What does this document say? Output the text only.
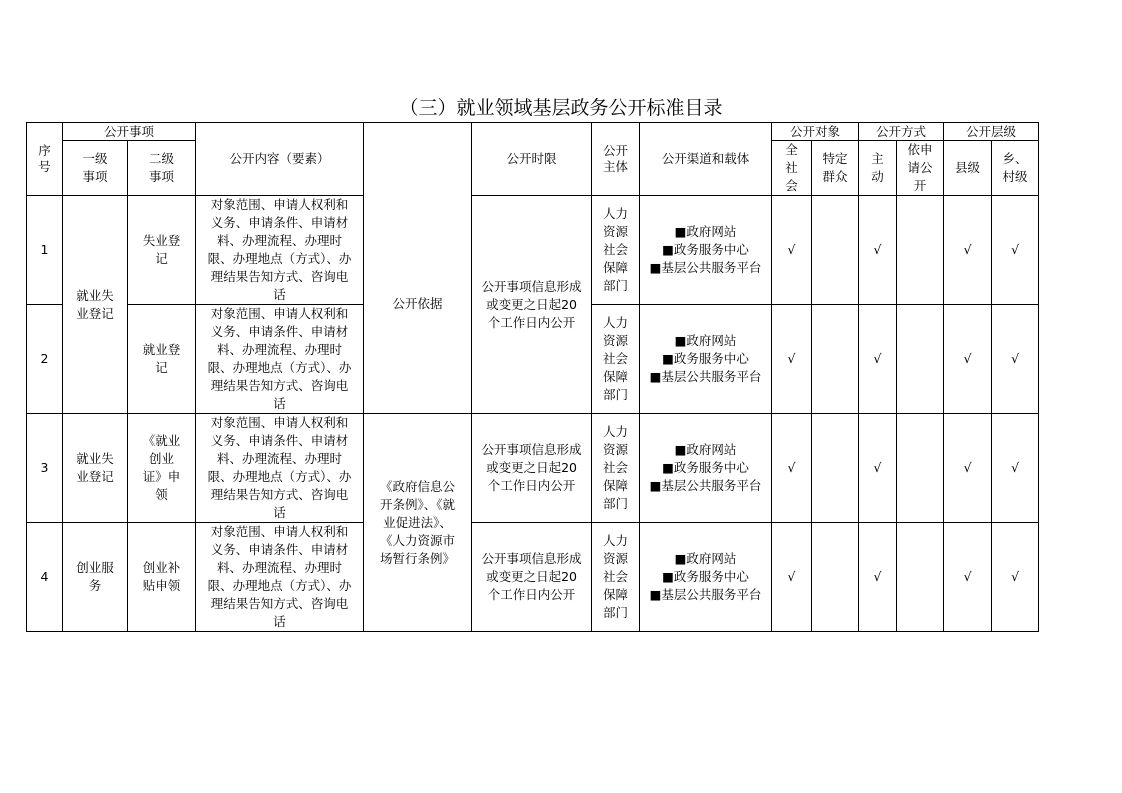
（三）就业领域基层政务公开标准目录
序号	公开事项		公开内容（要素）		公开时限	公开主体	公开渠道和载体	公开对象		公开方式		公开层级	
	一级事项	二级事项						全社会	特定群众	主动	依申请公开	县级	乡、村级
1	就业失业登记	失业登记	对象范围、申请人权利和义务、申请条件、申请材料、办理流程、办理时限、办理地点（方式）、办理结果告知方式、咨询电话	公开依据	公开事项信息形成或变更之日起20个工作日内公开	人力资源社会保障部门	■政府网站
■政务服务中心
■基层公共服务平台	√		√		√	√
2		就业登记	对象范围、申请人权利和义务、申请条件、申请材料、办理流程、办理时限、办理地点（方式）、办理结果告知方式、咨询电话			人力资源社会保障部门	■政府网站
■政务服务中心
■基层公共服务平台	√		√		√	√
3	就业失业登记	《就业创业证》申领	对象范围、申请人权利和义务、申请条件、申请材料、办理流程、办理时限、办理地点（方式）、办理结果告知方式、咨询电话	《政府信息公开条例》、《就业促进法》、《人力资源市场暂行条例》	公开事项信息形成或变更之日起20个工作日内公开	人力资源社会保障部门	■政府网站
■政务服务中心
■基层公共服务平台	√		√		√	√
4	创业服务	创业补贴申领	对象范围、申请人权利和义务、申请条件、申请材料、办理流程、办理时限、办理地点（方式）、办理结果告知方式、咨询电话		公开事项信息形成或变更之日起20个工作日内公开	人力资源社会保障部门	■政府网站
■政务服务中心
■基层公共服务平台	√		√		√	√
